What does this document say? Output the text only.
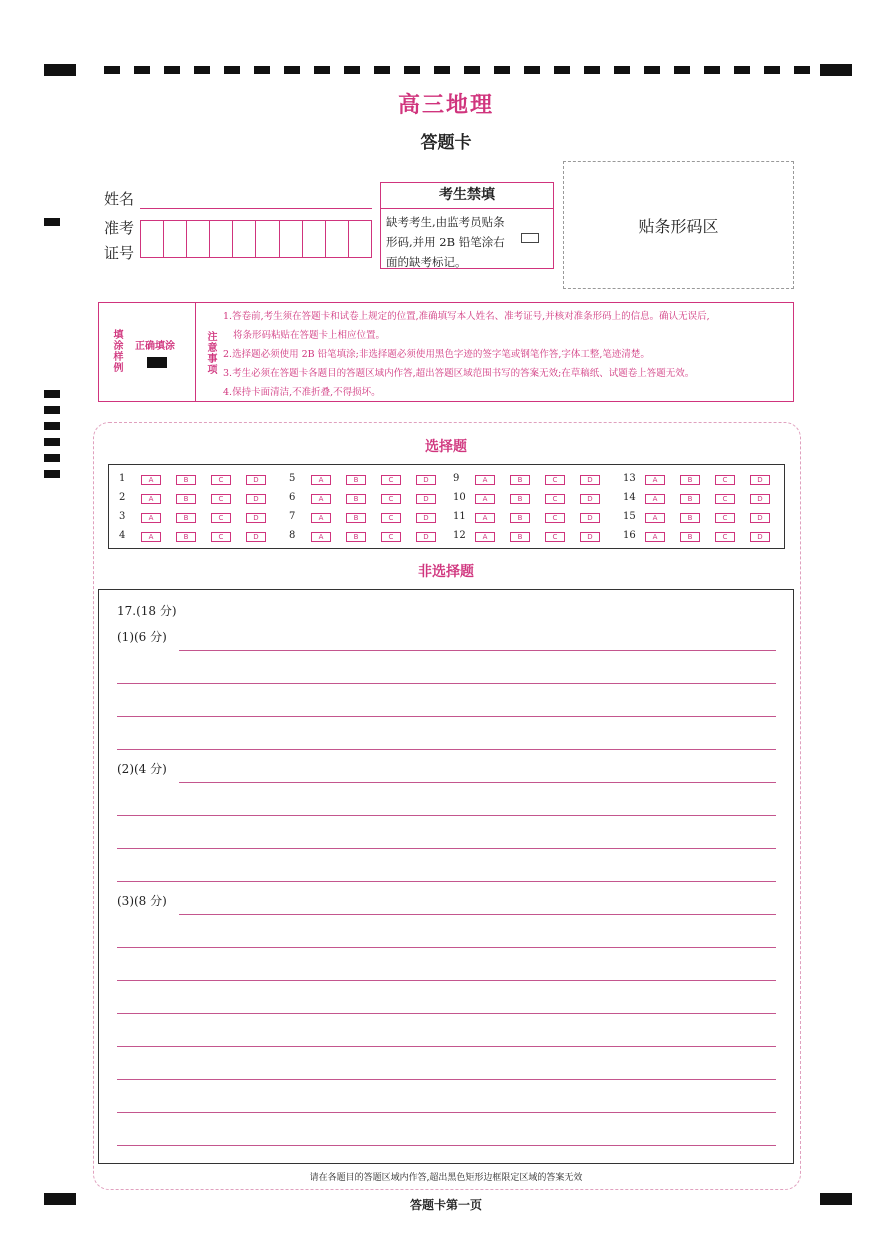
高三地理
答题卡
姓名
准考
证号
考生禁填
缺考考生,由监考员贴条形码,并用 2B 铅笔涂右面的缺考标记。
贴条形码区
填涂样例 正确填涂	注意事项
1.答卷前,考生须在答题卡和试卷上规定的位置,准确填写本人姓名、准考证号,并核对准条形码上的信息。确认无误后,
将条形码粘贴在答题卡上相应位置。
2.选择题必须使用 2B 铅笔填涂;非选择题必须使用黑色字迹的签字笔或钢笔作答,字体工整,笔迹清楚。
3.考生必须在答题卡各题目的答题区域内作答,超出答题区域范围书写的答案无效;在草稿纸、试题卷上答题无效。
4.保持卡面清洁,不准折叠,不得损坏。
选择题
1	A	B	C	D
2	A	B	C	D
3	A	B	C	D
4	A	B	C	D
5	A	B	C	D
6	A	B	C	D
7	A	B	C	D
8	A	B	C	D
9	A	B	C	D
10	A	B	C	D
11	A	B	C	D
12	A	B	C	D
13	A	B	C	D
14	A	B	C	D
15	A	B	C	D
16	A	B	C	D
非选择题
17.(18 分)
(1)(6 分)
(2)(4 分)
(3)(8 分)
请在各题目的答题区域内作答,超出黑色矩形边框限定区域的答案无效
答题卡第一页
